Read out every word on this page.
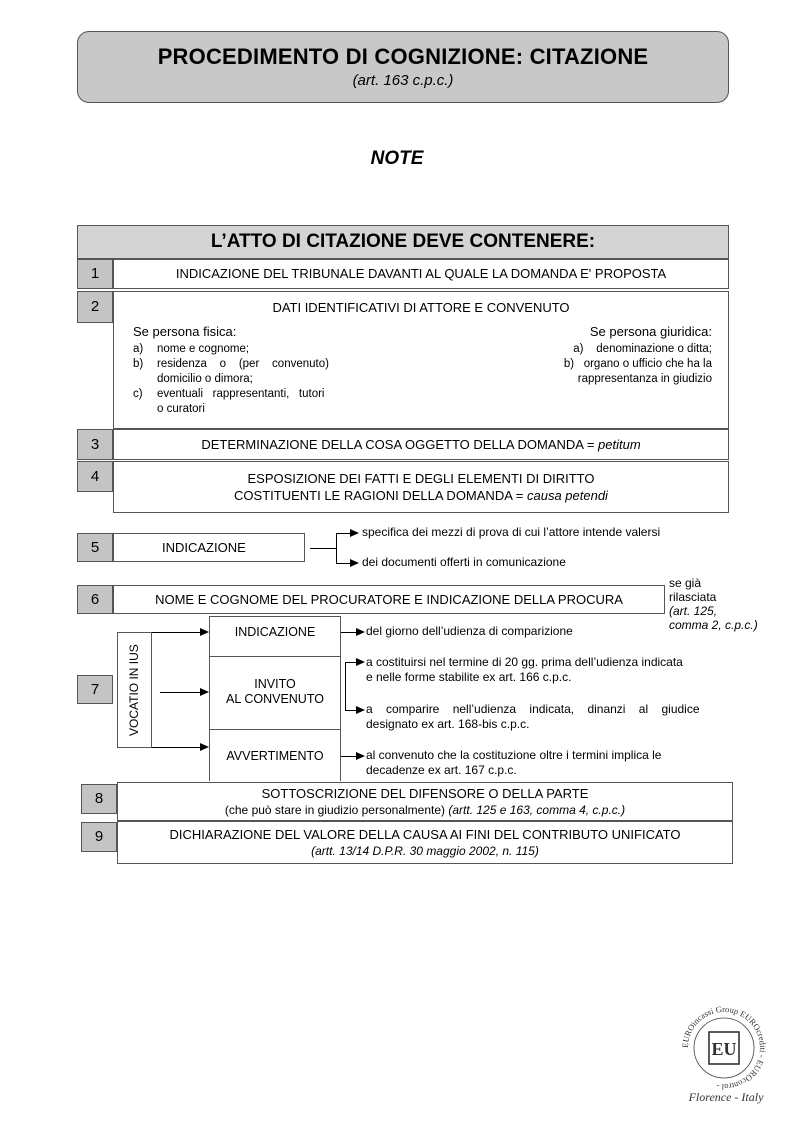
PROCEDIMENTO DI COGNIZIONE: CITAZIONE
(art. 163 c.p.c.)
NOTE
L’ATTO DI CITAZIONE DEVE CONTENERE:
1	INDICAZIONE DEL TRIBUNALE DAVANTI AL QUALE LA DOMANDA E' PROPOSTA
2	DATI IDENTIFICATIVI DI ATTORE E CONVENUTO
Se persona fisica:
a)	nome e cognome;
b)	residenza    o    (per    convenuto)
domicilio o dimora;
c)	eventuali   rappresentanti,   tutori
o curatori
Se persona giuridica:
a)    denominazione o ditta;
b)   organo o ufficio che ha la
rappresentanza in giudizio
3	DETERMINAZIONE DELLA COSA OGGETTO DELLA DOMANDA = petitum
4	ESPOSIZIONE DEI FATTI E DEGLI ELEMENTI DI DIRITTO
COSTITUENTI LE RAGIONI DELLA DOMANDA = causa petendi
5	INDICAZIONE
specifica dei mezzi di prova di cui l’attore intende valersi
dei documenti offerti in comunicazione
6	NOME E COGNOME DEL PROCURATORE E INDICAZIONE DELLA PROCURA
se già
rilasciata
(art. 125,
comma 2, c.p.c.)
7	VOCATIO IN IUS
INDICAZIONE
INVITO
AL CONVENUTO
AVVERTIMENTO
del giorno dell’udienza di comparizione
a costituirsi nel termine di 20 gg. prima dell’udienza indicata
e nelle forme stabilite ex art. 166 c.p.c.
a    comparire    nell’udienza    indicata,    dinanzi    al    giudice
designato ex art. 168-bis c.p.c.
al convenuto che la costituzione oltre i termini implica le
decadenze ex art. 167 c.p.c.
8	SOTTOSCRIZIONE DEL DIFENSORE O DELLA PARTE
(che può stare in giudizio personalmente) (artt. 125 e 163, comma 4, c.p.c.)
9	DICHIARAZIONE DEL VALORE DELLA CAUSA AI FINI DEL CONTRIBUTO UNIFICATO
(artt. 13/14 D.P.R. 30 maggio 2002, n. 115)
EUROincassi Group EUROcrediti - EUROcontrol -
EU
Florence - Italy
